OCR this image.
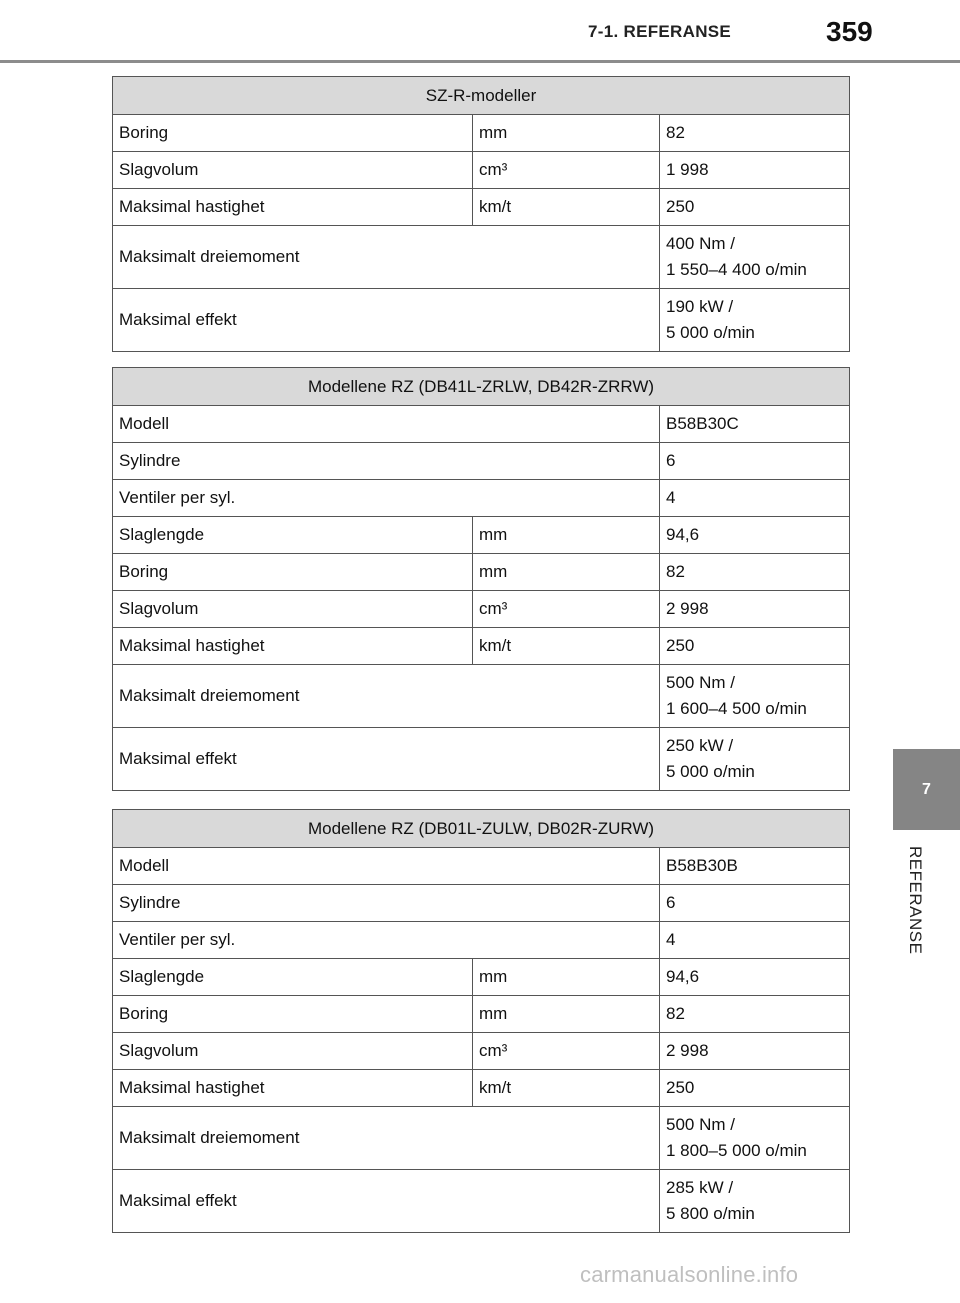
7-1. REFERANSE	359
7
REFERANSE
SZ-R-modeller		
Boring	mm	82
Slagvolum	cm³	1 998
Maksimal hastighet	km/t	250
Maksimalt dreiemoment		400 Nm /
1 550–4 400 o/min

Maksimal effekt		190 kW /
5 000 o/min
Modellene RZ (DB41L-ZRLW, DB42R-ZRRW)		
Modell		B58B30C
Sylindre		6
Ventiler per syl.		4
Slaglengde	mm	94,6
Boring	mm	82
Slagvolum	cm³	2 998
Maksimal hastighet	km/t	250
Maksimalt dreiemoment		500 Nm /
1 600–4 500 o/min

Maksimal effekt		250 kW /
5 000 o/min
Modellene RZ (DB01L-ZULW, DB02R-ZURW)		
Modell		B58B30B
Sylindre		6
Ventiler per syl.		4
Slaglengde	mm	94,6
Boring	mm	82
Slagvolum	cm³	2 998
Maksimal hastighet	km/t	250
Maksimalt dreiemoment		500 Nm /
1 800–5 000 o/min

Maksimal effekt		285 kW /
5 800 o/min
carmanualsonline.info
